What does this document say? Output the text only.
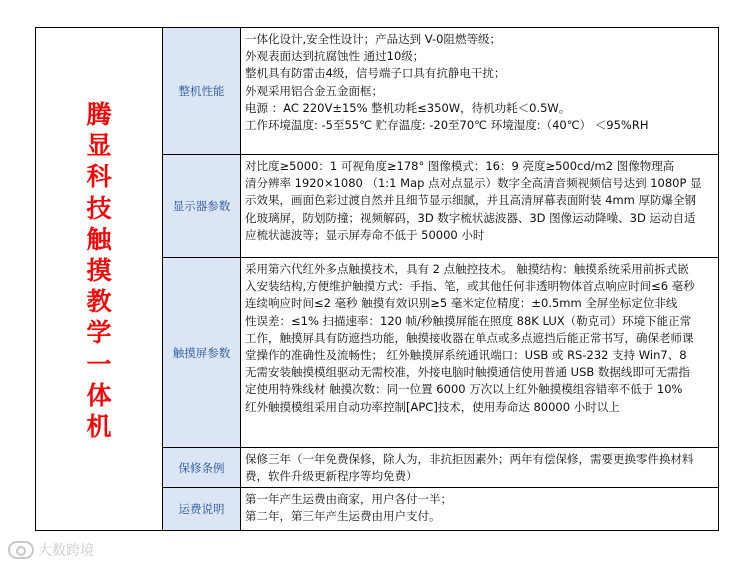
腾
显
科
技
触
摸
教
学
一
体
机
整机性能

一体化设计,安全性设计；产品达到 V-0阻燃等级；

外观表面达到抗腐蚀性 通过10级；

整机具有防雷击4级，信号端子口具有抗静电干扰；

外观采用铝合金五金面框；

电源 ：AC 220V±15% 整机功耗≤350W，待机功耗＜0.5W。

工作环境温度: -5至55℃ 贮存温度: -20至70℃ 环境湿度:（40℃） ＜95%RH

显示器参数

对比度≥5000：1 可视角度≥178° 图像模式：16：9 亮度≥500cd/m2 图像物理高

清分辨率 1920×1080 （1:1 Map 点对点显示）数字全高清音频视频信号达到 1080P 显

示效果，画面色彩过渡自然并且细节显示细腻，并且高清屏幕表面附装 4mm 厚防爆全钢

化玻璃屏，防划防撞；视频解码，3D 数字梳状滤波器、3D 图像运动降噪、3D 运动自适

应梳状滤波等；显示屏寿命不低于 50000 小时

触摸屏参数

采用第六代红外多点触摸技术，具有 2 点触控技术。 触摸结构：触摸系统采用前拆式嵌

入安装结构,方便维护触摸方式：手指、笔，或其他任何非透明物体首点响应时间≤6 毫秒

连续响应时间≤2 毫秒 触摸有效识别≥5 毫米定位精度：±0.5mm 全屏坐标定位非线

性误差：≤1% 扫描速率：120 帧/秒触摸屏能在照度 88K LUX（勒克司）环境下能正常

工作，触摸屏具有防遮挡功能，触摸接收器在单点或多点遮挡后能正常书写，确保老师课

堂操作的准确性及流畅性； 红外触摸屏系统通讯端口：USB 或 RS-232 支持 Win7、8

无需安装触摸模组驱动无需校准，外接电脑时触摸通信使用普通 USB 数据线即可无需指

定使用特殊线材 触摸次数：同一位置 6000 万次以上红外触摸模组容错率不低于 10%

红外触摸模组采用自动功率控制[APC]技术，使用寿命达 80000 小时以上

保修条例

保修三年（一年免费保修，除人为，非抗拒因素外；两年有偿保修，需要更换零件换材料

费，软件升级更新程序等均免费）

运费说明

第一年产生运费由商家，用户各付一半；

第二年，第三年产生运费由用户支付。

大数跨境
